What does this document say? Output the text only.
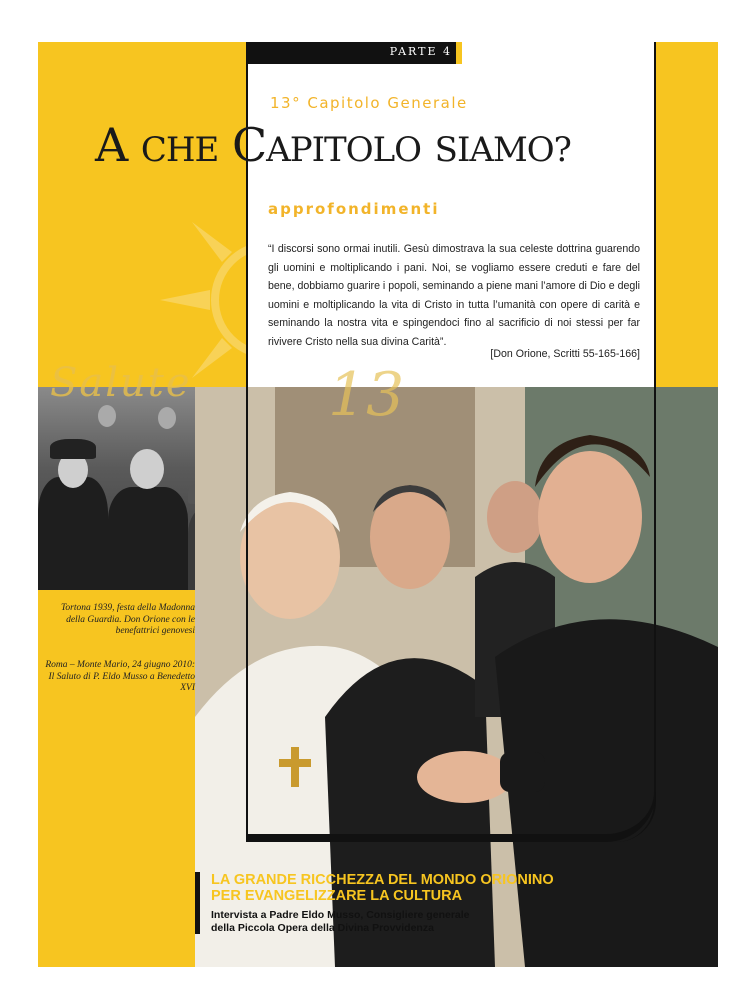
PARTE 4
13° Capitolo Generale
A CHE CAPITOLO SIAMO?
approfondimenti
“I discorsi sono ormai inutili. Gesù dimostrava la sua celeste dottrina guarendo gli uomini e moltiplicando i pani. Noi, se vogliamo essere creduti e fare del bene, dobbiamo guarire i popoli, seminando a piene mani l’amore di Dio e degli uomini e moltiplicando la vita di Cristo in tutta l’umanità con opere di carità e seminando la nostra vita e spingendoci fino al sacrificio di noi stessi per far rivivere Cristo nella sua divina Carità”.
[Don Orione, Scritti 55-165-166]
Salute 13
Tortona 1939, festa della Madonna della Guardia. Don Orione con le benefattrici genovesi
Roma – Monte Mario, 24 giugno 2010: Il Saluto di P. Eldo Musso a Benedetto XVI
LA GRANDE RICCHEZZA DEL MONDO ORIONINO
PER EVANGELIZZARE LA CULTURA
Intervista a Padre Eldo Musso, Consigliere generale
della Piccola Opera della Divina Provvidenza
